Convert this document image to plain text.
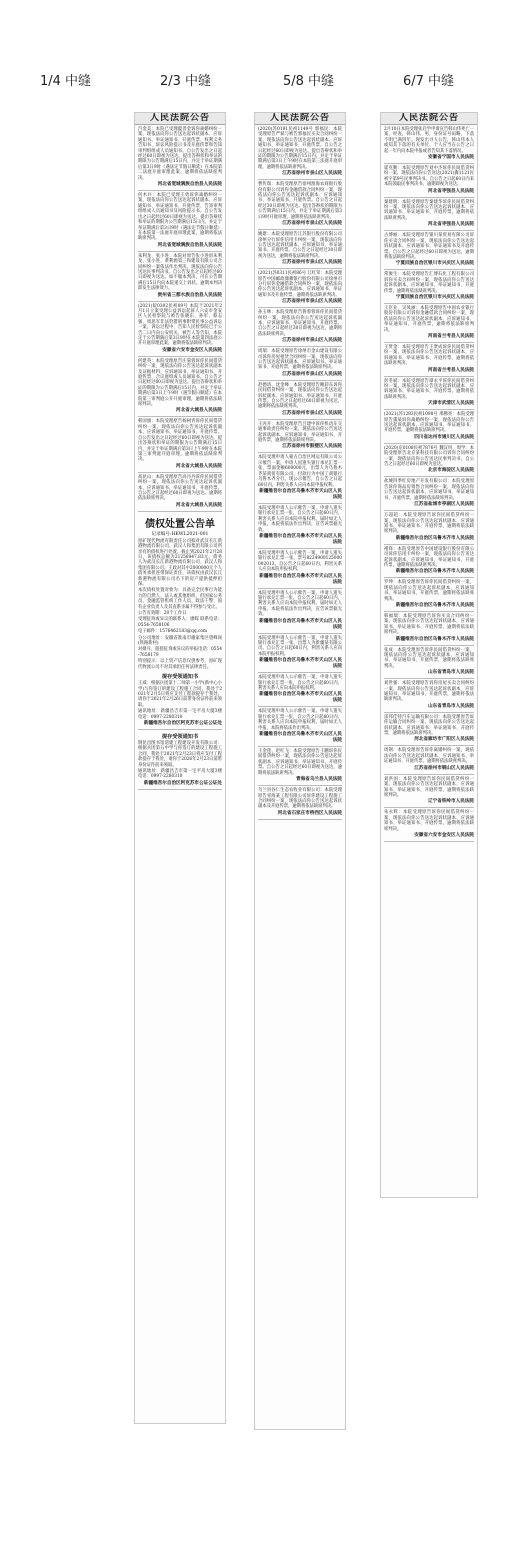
1/4 中缝	2/3 中缝	5/8 中缝	6/7 中缝
人民法院公告
汽金美：本院已受理蕴善金诉你离婚纠纷一案，现依法向你公告送达起诉状副本、应诉通知书、举证通知书、开庭传票、权利义务告知书、诉讼风险提示书及开庭传票和告知审判组组成人员通知书。自公告发出之日起经过60日即视为送达。提出答辩状和举证的期限为公告期满后15日内，并定于举证期满后第3日9时（遇法定节假日顺延）在本院第二法庭开庭审理此案，逾期将依法缺席判决。
河北省宽城满族自治县人民法院
何木兵：本院已受理王勇诉你离婚纠纷一案，现依法向你公告送达起诉状副本、应诉通知书、举证通知书、开庭传票、告知审判组组成人员通知书及风险提示书。自公告发出之日起经过60日即视为送达。提出答辩状和举证的期限为公告期满后15日内。并定于举证期满后第3日9时（遇法定节假日顺延）在本院第一法庭开庭审理此案，逾期将依法缺席判决。
河北省宽城满族自治县人民法院
朱利龙、张小进：本院对原告张小进诉朱利龙、张小进、黄利源第三和建设有限公司合同纠纷一案依法作出判决，现依法向你公告送达民事判决书。自公告发出之日起经过60日即视为送达。如不服本判决，可在公告期满后15日内向本院递交上诉状。逾期本判决即发生法律效力。
贵州省三都水族自治县人民法院
(2021)皖0302民初09号 本院于2021年2月1日立案受理公益诉讼起诉人六安市金安区人民检察院与被告张晓东、孙军、蔡志强、周思军非法狩猎刑事附带民事公益诉讼一案，诉讼过程中，告知人民检察院已于公告二日内向公安机关、被告人等告知，本院定于公告期满后第3日9时在本院第四法庭公开开庭审理此案，逾期将依法缺席判决。
安徽省六安市金安区人民法院
何建英：本院受理原告庄菊蓉诉你民间借贷纠纷一案，现依法向你公告送达起诉状副本及证据材料、应诉通知书、举证通知书、开庭传票、合议庭组成人员通知书。自公告之日起经过60日即视为送达。提出答辩状和举证的期限为公告期满后15日内，并定于举证期满后第3日上午9时（遇节假日顺延）在本院第三审判庭公开开庭审理，逾期将依法缺席判决。
河北省大城县人民法院
韩国旗：本院受理原告杨树青诉你民间借贷纠纷一案，现依法向你公告送达起诉状副本、应诉通知书、举证通知书、开庭传票。自公告发出之日起经过60日即视为送达。提出答辩状和举证的期限为公告期满后15日内，并定于举证期满后第3日上午9时在本院第三审判庭开庭审理，逾期将依法缺席判决。
河北省大城县人民法院
高昆山：本院受理原告高丹丹诉你民间借贷纠纷一案，现依法向你公告送达起诉状副本、应诉通知书、举证通知书、开庭传票。自公告之日起经过60日即视为送达。逾期将依法缺席判决。
河北省大城县人民法院
债权处置公告单
记录编号:HKWL2021-001
原矿现代物流有限责任公司拟对武汉长江新港物流有限公司、武汉人和集团有限公司所享有的债权进行处置。截止到2021年2月28日，该债权总额为21256947.83元。债务人为武汉长江新港物流有限公司、武汉人和集团有限公司。王政对其中2000000元个人债务承担连带保证责任，该债权由武汉长江新港物流有限公司名下的房产提供抵押担保。
本次债权处置对象为：具备完全民事行为能力的自然人、法人或其他组织，但国家公务员、金融监管机构工作人员、政法干警、国有企业负责人及其直系亲属不得参与受让。
公告有效期：20个工作日
受理征询或异议的联系人：廖晖 联系电话：0554-7658106
电子邮件：1576462183@qq.com
分公司地址：安徽省淮南市谢家集区望峰岗(铁路新村)
对排斥、阻挠征询或异议的举报电话：0554-7658179
特别提示：以上资产信息仅供参考，原矿现代物流公司不对其承担任何法律责任。
提存受领通知书
王威：根据兵团第十二师第一小学(新中心小学)与你签订的建设工程施工合同，我处于2021年2月5日将应支付工程款提存于我处。请你于2021年2月26日前带身份证件前来领取。
通讯地址：新疆昌吉市第一宅平房大厦3楼 电话：0997-2280310
新疆维吾尔自治区阿克苏市公证公证处
提存受领通知书
钢昆昌图书馆道建工程建设开发有限公司：根据兵团第五中学与你签订的建设工程施工合同，我处于2021年2月23日将应支付工程款提存于我处，请你于2026年2月23日前带身份证件前来领取。
通讯地址：新疆昌吉市第一宅平房大厦3楼 电话：0997-2280310
新疆维吾尔自治区阿克苏市公证公证处
人民法院公告
(2020)苏0191民初1149号 郭福民：本院受理原告严斌与被告郭福民买卖合同纠纷一案，现依法向你公告送达起诉状副本、应诉通知书、举证通知书、开庭传票。自公告之日起经过60日即视为送达。提出答辩状和举证的期限为公告期满后15日内，并定于举证期满后第3日上午9时在本院第三法庭开庭审理，逾期将依法缺席判决。
江苏省徐州市泉山区人民法院
曹传瑞：本院受理原告徐州淮海农商银行股份有限公司诉你金融借款合同纠纷一案，现依法向你公告送达起诉状副本、应诉通知书、举证通知书、开庭传票。自公告之日起经过30日即视为送达。提出答辩状的期限为公告期满后15日内，并定于举证期满后第3日9时开庭审理，逾期将依法缺席判决。
江苏省徐州市泉山区人民法院
姚建：本院受理原告江苏银行股份有限公司徐州分行诉你信用卡纠纷一案，现依法向你公告送达起诉状副本、应诉通知书、举证通知书、开庭传票。自公告之日起经过30日即视为送达，逾期将依法缺席判决。
江苏省徐州市泉山区人民法院
(2021)苏0311民初86号 江红荣：本院受理原告中国邮政储蓄银行股份有限公司徐州市分行诉你金融借款合同纠纷一案，现依法向你公告送达起诉状副本、应诉通知书、举证通知书及开庭传票，逾期将依法缺席判决。
江苏省徐州市泉山区人民法院
孙玉林：本院受理原告鲁蓉蓉诉你民间借贷纠纷一案，现依法向你公告送达起诉状副本、应诉通知书、举证通知书、开庭传票。自公告之日起经过30日即视为送达，逾期将依法缺席判决。
江苏省徐州市泉山区人民法院
周瑞：本院受理原告徐州市金山建设有限公司诉你房屋租赁合同纠纷一案，现依法向你公告送达起诉状副本、应诉通知书、举证通知书、开庭传票，逾期将依法缺席判决。
江苏省徐州市泉山区人民法院
赵德清、沈金峰：本院受理原告鲍彩东诉你民间借贷纠纷一案，现依法向你公告送达起诉状副本、应诉通知书、举证通知书、开庭传票。自公告之日起经过60日即视为送达，逾期将依法缺席判决。
江苏省徐州市泉山区人民法院
王丙开：本院受理原告吕建中诉你机动车交通事故责任纠纷一案，现依法向你公告送达起诉状副本、应诉通知书、举证通知书、开庭传票，逾期将依法缺席判决。
江苏省徐州市鼓楼区人民法院
本院受理申请人蒙古自治区网运有限公司公示催告一案，申请人因遗失银行承兑汇票一张，票面金额600000元，出票人为乌鲁木齐某商贸有限公司，付款行为中国工商银行乌鲁木齐分行。现公示催告，自公告之日起60日内，利害关系人应向本院申报权利。
新疆维吾尔自治区乌鲁木齐市天山区人民法院
本院受理申请人公示催告一案，申请人遗失银行承兑汇票一张，自公告之日起60日内，利害关系人应向本院申报权利。届时如无人申报，本院将依法作出判决，宣告该票据无效。
新疆维吾尔自治区乌鲁木齐市天山区人民法院
本院受理申请人公示催告一案，申请人遗失银行承兑汇票一张，票号8224900125000002013。自公告之日起60日内，利害关系人应向本院申报权利。
新疆维吾尔自治区乌鲁木齐市天山区人民法院
本院受理申请人公示催告一案，申请人遗失银行承兑汇票一张。自公告之日起60日内，利害关系人应向本院申报权利。届时如无人申报，本院将依法作出判决，宣告该票据无效。
新疆维吾尔自治区乌鲁木齐市天山区人民法院
本院受理申请人公示催告一案，申请人遗失银行承兑汇票一张，出票人为新疆某有限公司。自公告之日起60日内，利害关系人应向本院申报权利。
新疆维吾尔自治区乌鲁木齐市天山区人民法院
本院受理申请人公示催告一案，申请人遗失银行承兑汇票一张，自公告之日起60日内，利害关系人应向本院申报权利。
新疆维吾尔自治区乌鲁木齐市天山区人民法院
本院受理申请人公示催告一案，申请人遗失银行承兑汇票一张，自公告之日起60日内，利害关系人应向本院申报权利，届时如无人申报，本院将依法作出判决。
新疆维吾尔自治区乌鲁木齐市天山区人民法院
王金莲、赵红飞：本院受理原告王鹏诉你民间借贷纠纷一案，现依法向你公告送达起诉状副本、应诉通知书、举证通知书、开庭传票。自公告之日起经过60日即视为送达，逾期将依法缺席判决。
青海省乌兰县人民法院
乌兰县谷仁生态农牧业有限公司：本院受理原告青海某工程有限公司诉你建设工程施工合同纠纷一案，现依法向你公告送达起诉状副本及开庭传票，逾期将依法缺席判决。
河北省石家庄市桥西区人民法院
人民法院公告
2月10日本院受理张启学申请宣告韩山伟死亡一案，经查，韩山伟，男，身份证号码略，下落不明已满四年。现发出寻人公告，韩山伟本人或知其下落的有关单位、个人应当在公告之日起一年内向本院申报或者告知其下落情况。
安徽省宁国市人民法院
霍克勤：本院受理原告刘中杰诉你民间借贷纠纷一案，现依法向你公告送达(2021)冀1121民初字第9号民事判决书。自公告之日起60日内来本院领取民事判决书，逾期即视为送达。
河北省枣强县人民法院
秦建明：本院受理原告秦建华诉你民间借贷纠纷一案，现依法向你公告送达起诉状副本、应诉通知书、举证通知书、开庭传票，逾期将依法缺席判决。
河北省枣强县人民法院
古博丽：本院受理原告银川某贸易有限公司诉你买卖合同纠纷一案，现依法向你公告送达起诉状副本、应诉通知书、举证通知书及开庭传票。自公告之日起经过60日即视为送达，逾期将依法缺席判决。
宁夏回族自治区银川市兴庆区人民法院
常俊生：本院受理原告汇博石化工程有限公司诉你买卖合同纠纷一案，现依法向你公告送达起诉状副本、应诉通知书、举证通知书、开庭传票，逾期将依法缺席判决。
宁夏回族自治区银川市兴庆区人民法院
王臣业、吴凤丽：本院受理原告中国农业银行股份有限公司诉你金融借款合同纠纷一案，现依法向你公告送达起诉状副本、应诉通知书、举证通知书、开庭传票，逾期将依法缺席判决。
河南省兰考县人民法院
王贤金：本院受理原告王贤成诉你民间借贷纠纷一案，现依法向你公告送达起诉状副本、应诉通知书、举证通知书、开庭传票，逾期将依法缺席判决。
河南省兰考县人民法院
彭冬斌：本院受理原告谭永平诉你民间借贷纠纷一案，现依法向你公告送达起诉状副本、应诉通知书、举证通知书、开庭传票，逾期将依法缺席判决。
天津市武清区人民法院
(2021)苏1283民初1098号 邢佛亮：本院受理原告董某诉你离婚纠纷一案，现依法向你公告送达起诉状副本、应诉通知书、举证通知书、开庭传票，逾期将依法缺席判决。
四川省达州市通川区人民法院
(2020)京0108民初7876号 魏汉用、周学：本院受理原告北京某科技有限公司诉你合同纠纷一案，现依法向你公告送达民事判决书，自公告之日起经过60日即视为送达。
北京市海淀区人民法院
盐城四季红房地产开发有限公司：本院受理原告诉你商品房销售合同纠纷一案，现依法向你公告送达起诉状副本、应诉通知书、举证通知书、开庭传票，逾期将依法缺席判决。
江苏省盐城市亭湖区人民法院
万超超：本院受理原告诉你民间借贷纠纷一案，现依法向你公告送达起诉状副本、应诉通知书、举证通知书、开庭传票，逾期将依法缺席判决。
新疆维吾尔自治区乌鲁木齐市人民法院
褚锋：本院受理原告中国建设银行股份有限公司诉你信用卡纠纷一案，现依法向你公告送达起诉状副本、应诉通知书、举证通知书、开庭传票，逾期将依法缺席判决。
新疆维吾尔自治区乌鲁木齐市人民法院
罗坤：本院受理原告诉你民间借贷纠纷一案，现依法向你公告送达起诉状副本、应诉通知书、举证通知书、开庭传票，逾期将依法缺席判决。
新疆维吾尔自治区乌鲁木齐市人民法院
韩福瑞：本院受理原告诉你买卖合同纠纷一案，现依法向你公告送达起诉状副本、应诉通知书、举证通知书、开庭传票，逾期将依法缺席判决。
新疆维吾尔自治区乌鲁木齐市人民法院
张成：本院受理原告诉你民间借贷纠纷一案，现依法向你公告送达起诉状副本、应诉通知书、举证通知书、开庭传票，逾期将依法缺席判决。
山东省青岛市人民法院
刘世强：本院受理原告诉你房屋买卖合同纠纷一案，现依法向你公告送达起诉状副本、应诉通知书、举证通知书、开庭传票，逾期将依法缺席判决。
山东省青岛市人民法院
雷邦佳特汽车运输有限公司：本院受理原告诉你运输合同纠纷一案，现依法向你公告送达起诉状副本、应诉通知书、举证通知书、开庭传票，逾期将依法缺席判决。
河北省廊坊市广阳区人民法院
周钢：本院受理原告诉你离婚纠纷一案，现依法向你公告送达起诉状副本、应诉通知书、举证通知书、开庭传票，逾期将依法缺席判决。
江苏省徐州市铜山区人民法院
刘洪国：本院受理原告诉你民间借贷纠纷一案，现依法向你公告送达起诉状副本、应诉通知书、举证通知书、开庭传票，逾期将依法缺席判决。
辽宁省铁岭市人民法院
朱永辉：本院受理原告诉你民间借贷纠纷一案，现依法向你公告送达起诉状副本、应诉通知书、举证通知书、开庭传票，逾期将依法缺席判决。
安徽省六安市金安区人民法院
